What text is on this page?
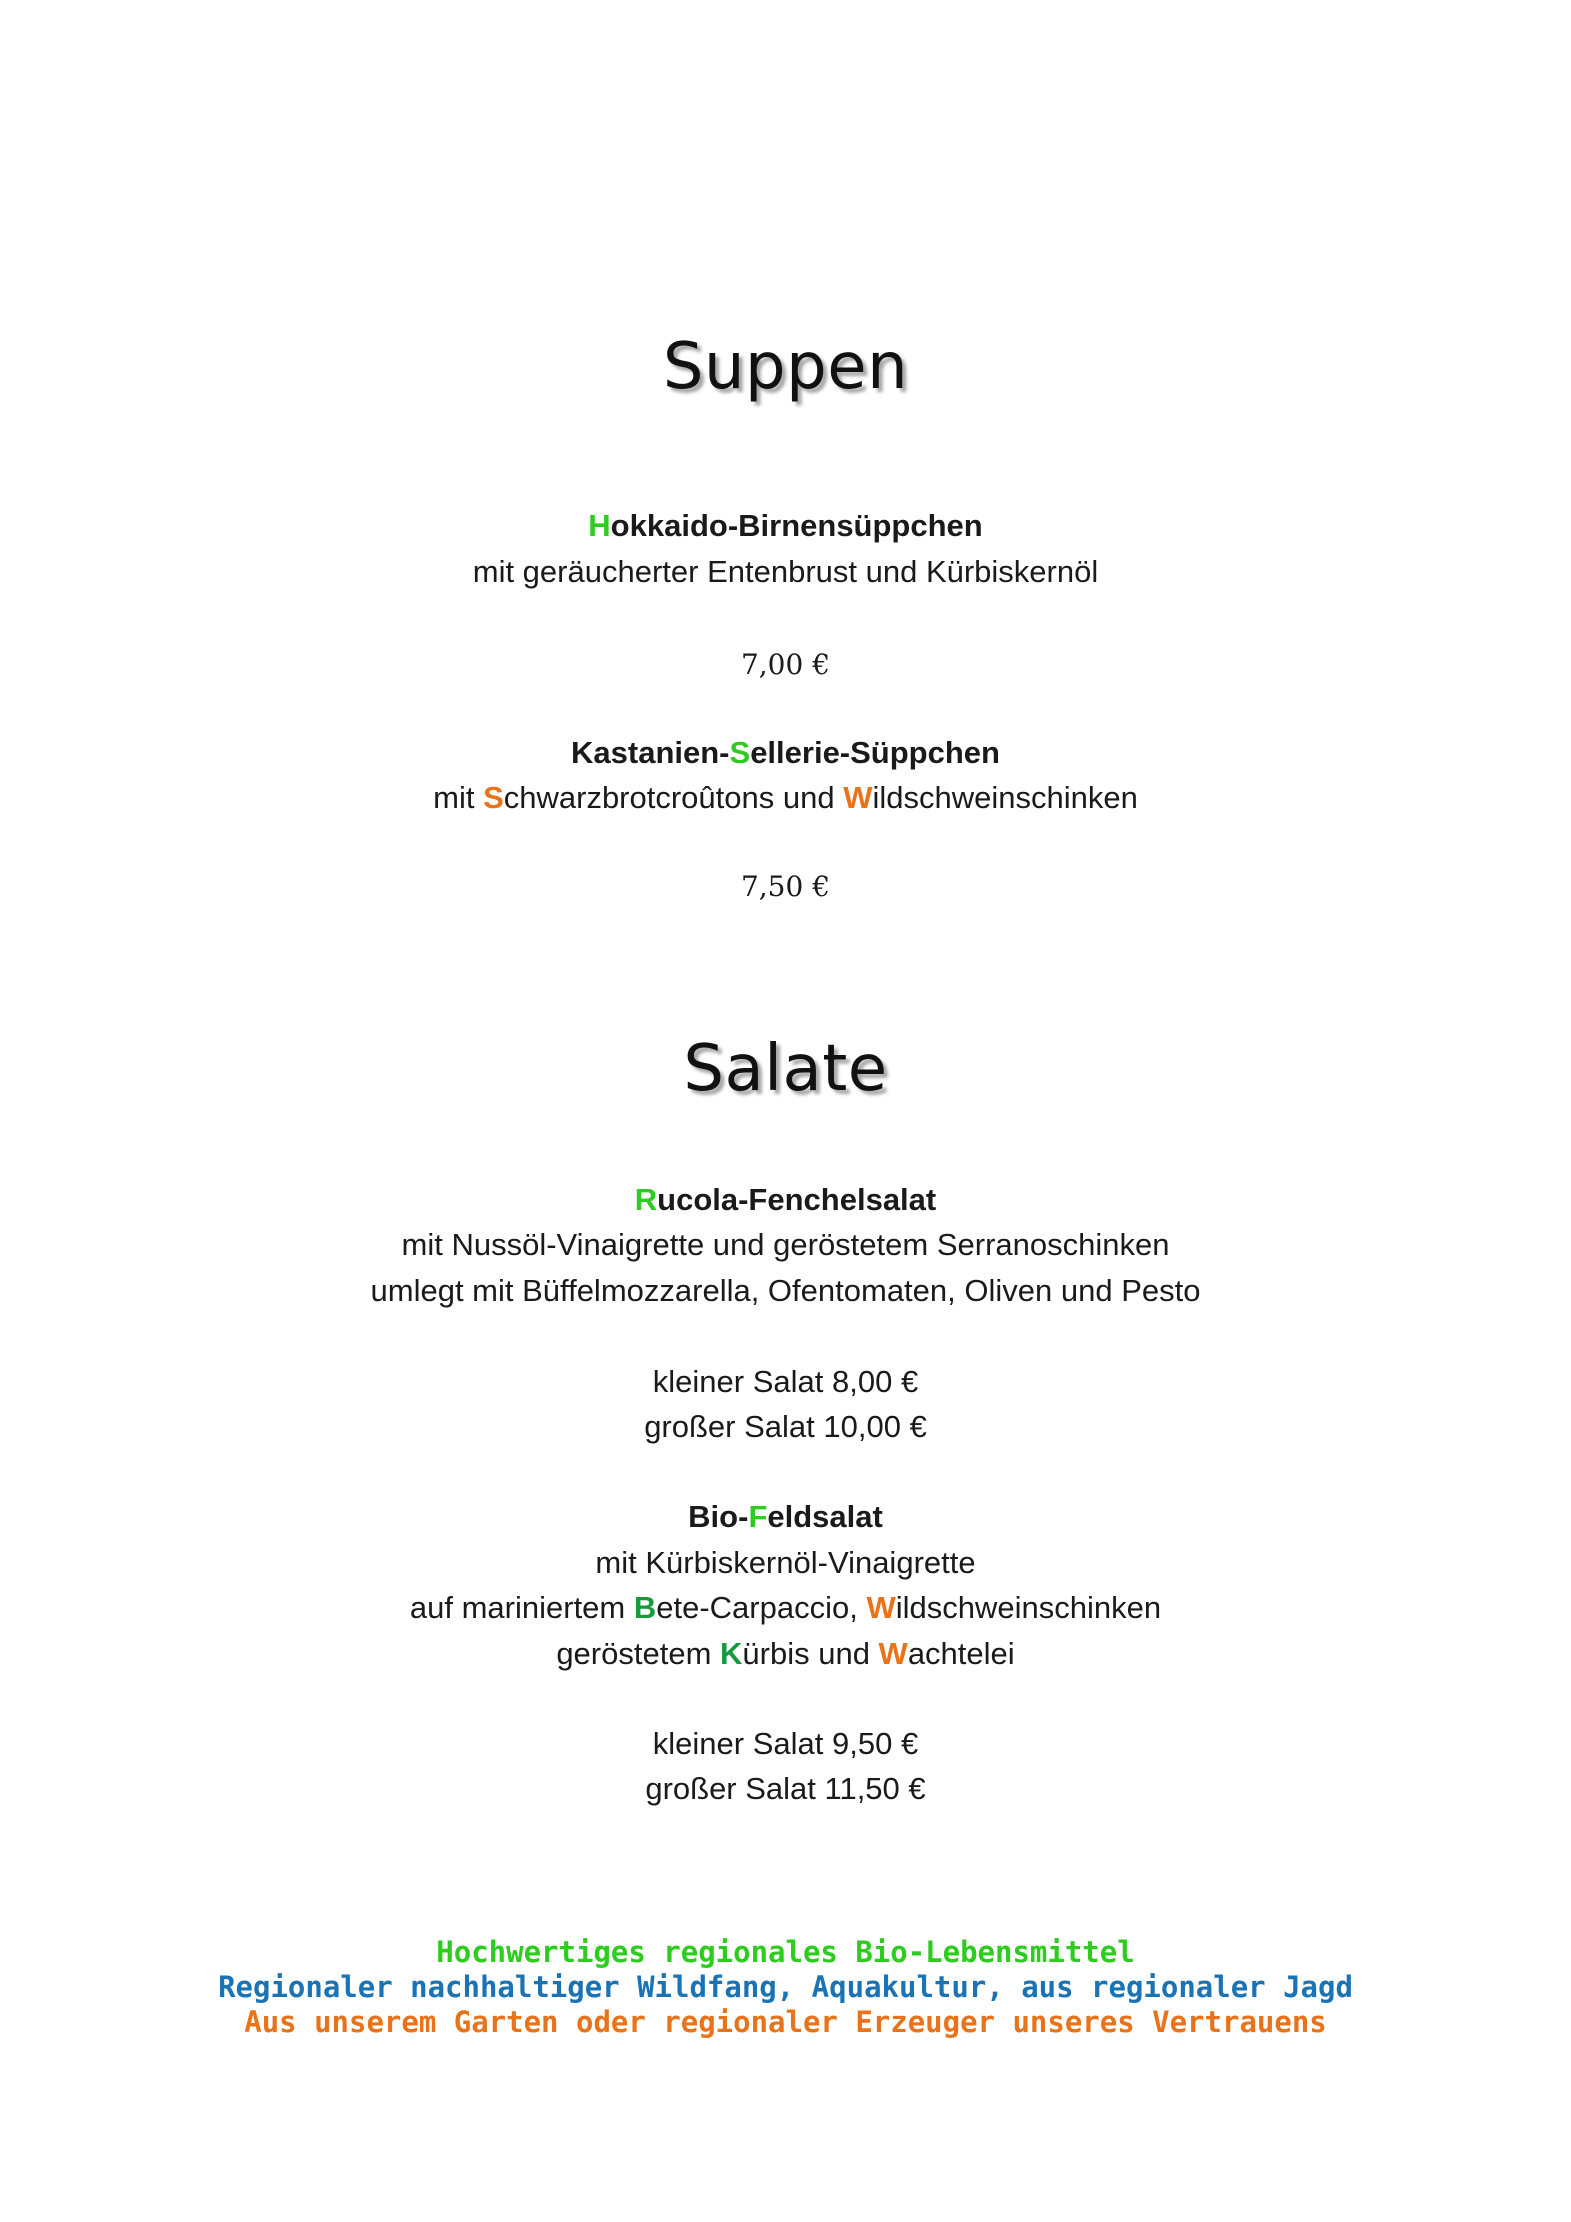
Suppen
Hokkaido-Birnensüppchen
mit geräucherter Entenbrust und Kürbiskernöl
7,00 €
Kastanien-Sellerie-Süppchen
mit Schwarzbrotcroûtons und Wildschweinschinken
7,50 €
Salate
Rucola-Fenchelsalat
mit Nussöl-Vinaigrette und geröstetem Serranoschinken
umlegt mit Büffelmozzarella, Ofentomaten, Oliven und Pesto
kleiner Salat 8,00 €
großer Salat 10,00 €
Bio-Feldsalat
mit Kürbiskernöl-Vinaigrette
auf mariniertem Bete-Carpaccio, Wildschweinschinken
geröstetem Kürbis und Wachtelei
kleiner Salat 9,50 €
großer Salat 11,50 €
Hochwertiges regionales Bio-Lebensmittel
Regionaler nachhaltiger Wildfang, Aquakultur, aus regionaler Jagd
Aus unserem Garten oder regionaler Erzeuger unseres Vertrauens
